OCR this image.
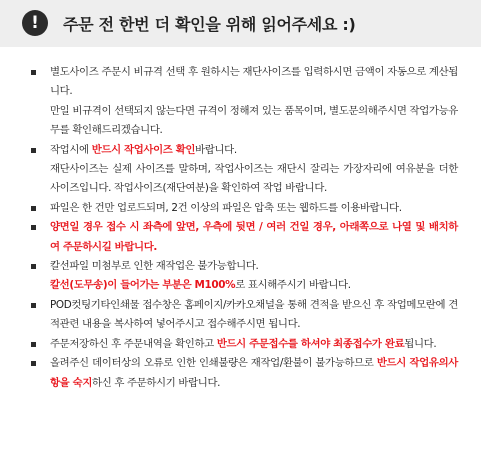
!	주문 전 한번 더 확인을 위해 읽어주세요 :)
별도사이즈 주문시 비규격 선택 후 원하시는 재단사이즈를 입력하시면 금액이 자동으로 계산됩니다.
만일 비규격이 선택되지 않는다면 규격이 정해져 있는 품목이며, 별도문의해주시면 작업가능유무를 확인해드리겠습니다.
작업시에 반드시 작업사이즈 확인바랍니다.
재단사이즈는 실제 사이즈를 말하며, 작업사이즈는 재단시 잘리는 가장자리에 여유분을 더한 사이즈입니다. 작업사이즈(재단여분)을 확인하여 작업 바랍니다.
파일은 한 건만 업로드되며, 2건 이상의 파일은 압축 또는 웹하드를 이용바랍니다.
양면일 경우 접수 시 좌측에 앞면, 우측에 뒷면 / 여러 건일 경우, 아래쪽으로 나열 및 배치하여 주문하시길 바랍니다.
칼선파일 미첨부로 인한 재작업은 불가능합니다.
칼선(도무송)이 들어가는 부분은 M100%로 표시해주시기 바랍니다.
POD컷팅기타인쇄물 접수창은 홈페이지/카카오채널을 통해 견적을 받으신 후 작업메모란에 견적관련 내용을 복사하여 넣어주시고 접수해주시면 됩니다.
주문저장하신 후 주문내역을 확인하고 반드시 주문접수를 하셔야 최종접수가 완료됩니다.
올려주신 데이터상의 오류로 인한 인쇄불량은 재작업/환불이 불가능하므로 반드시 작업유의사항을 숙지하신 후 주문하시기 바랍니다.
